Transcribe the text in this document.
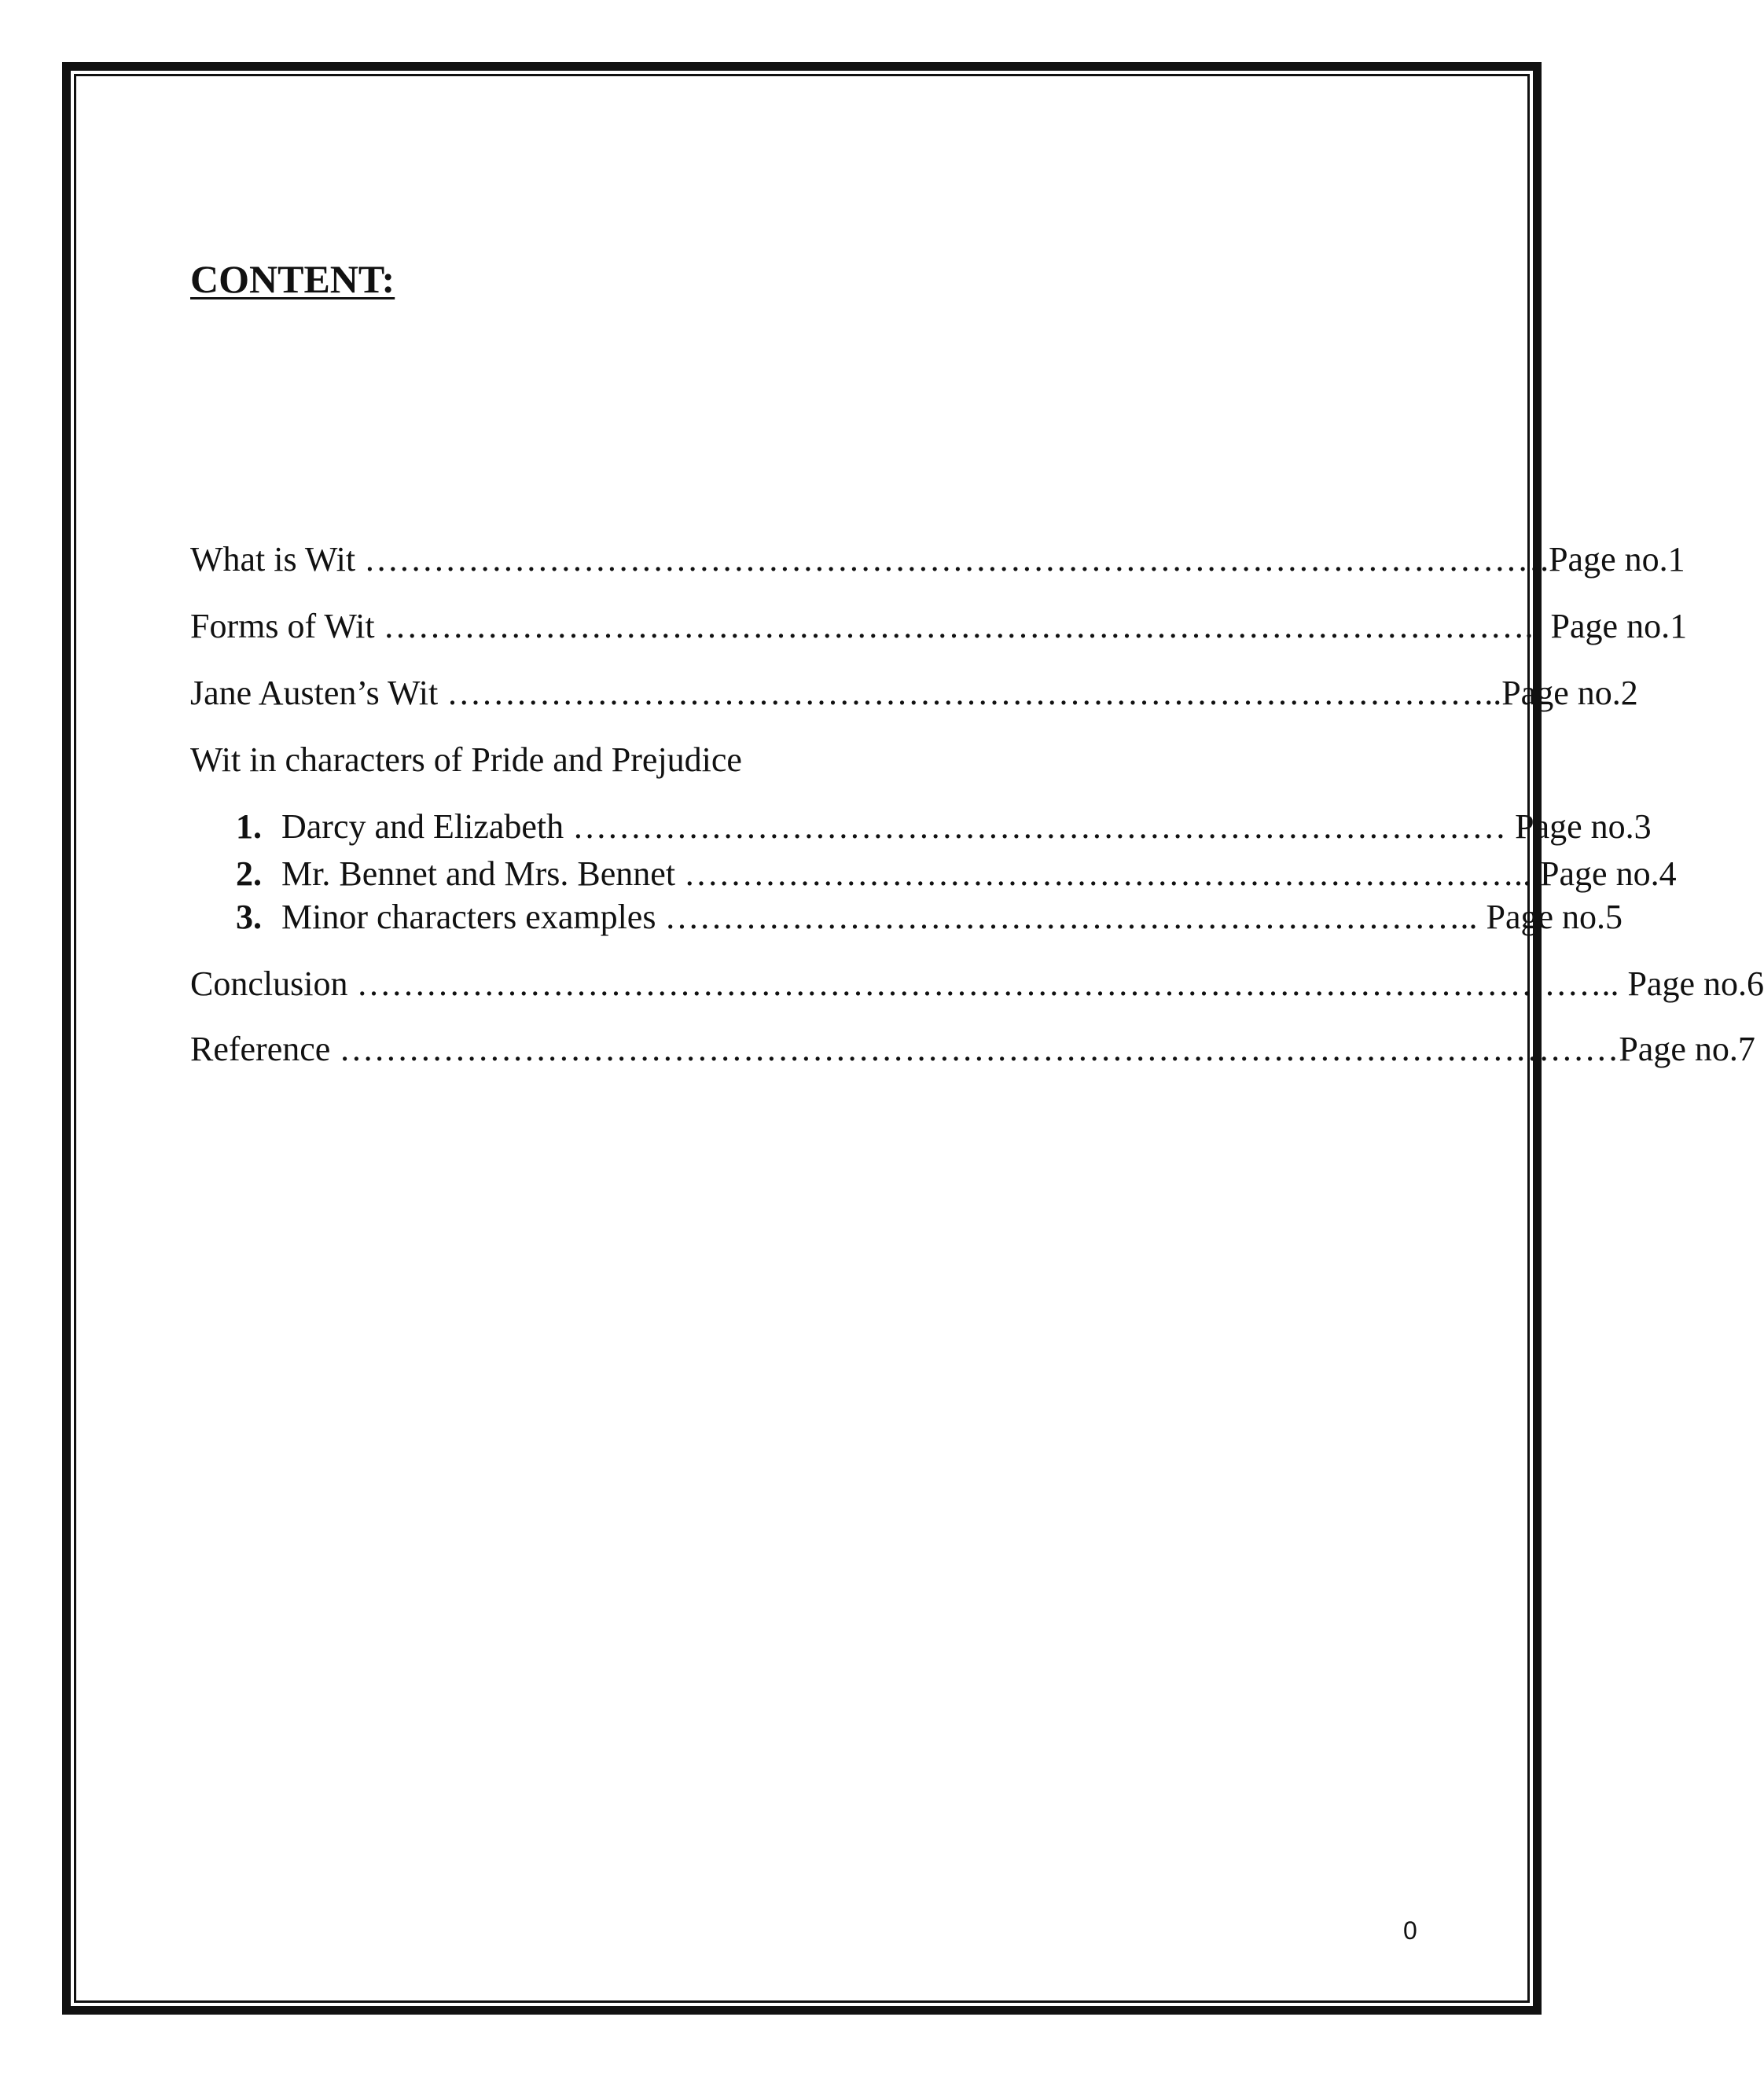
CONTENT:
What is Wit ………………………………………………………………………………………….Page no.1
Forms of Wit ……………………………………………………………………………………….. Page no.1
Jane Austen’s Wit ………………………………………………………………………………..Page no.2
Wit in characters of Pride and Prejudice
1. Darcy and Elizabeth ……………………………………………………………………… Page no.3
2. Mr. Bennet and Mrs. Bennet ……………………………………………………………….. Page no.4
3. Minor characters examples …………………………………………………………….. Page no.5
Conclusion ……………………………………………………………………………………………….. Page no.6
Reference …………………………………………………………………………………………………Page no.7
0
